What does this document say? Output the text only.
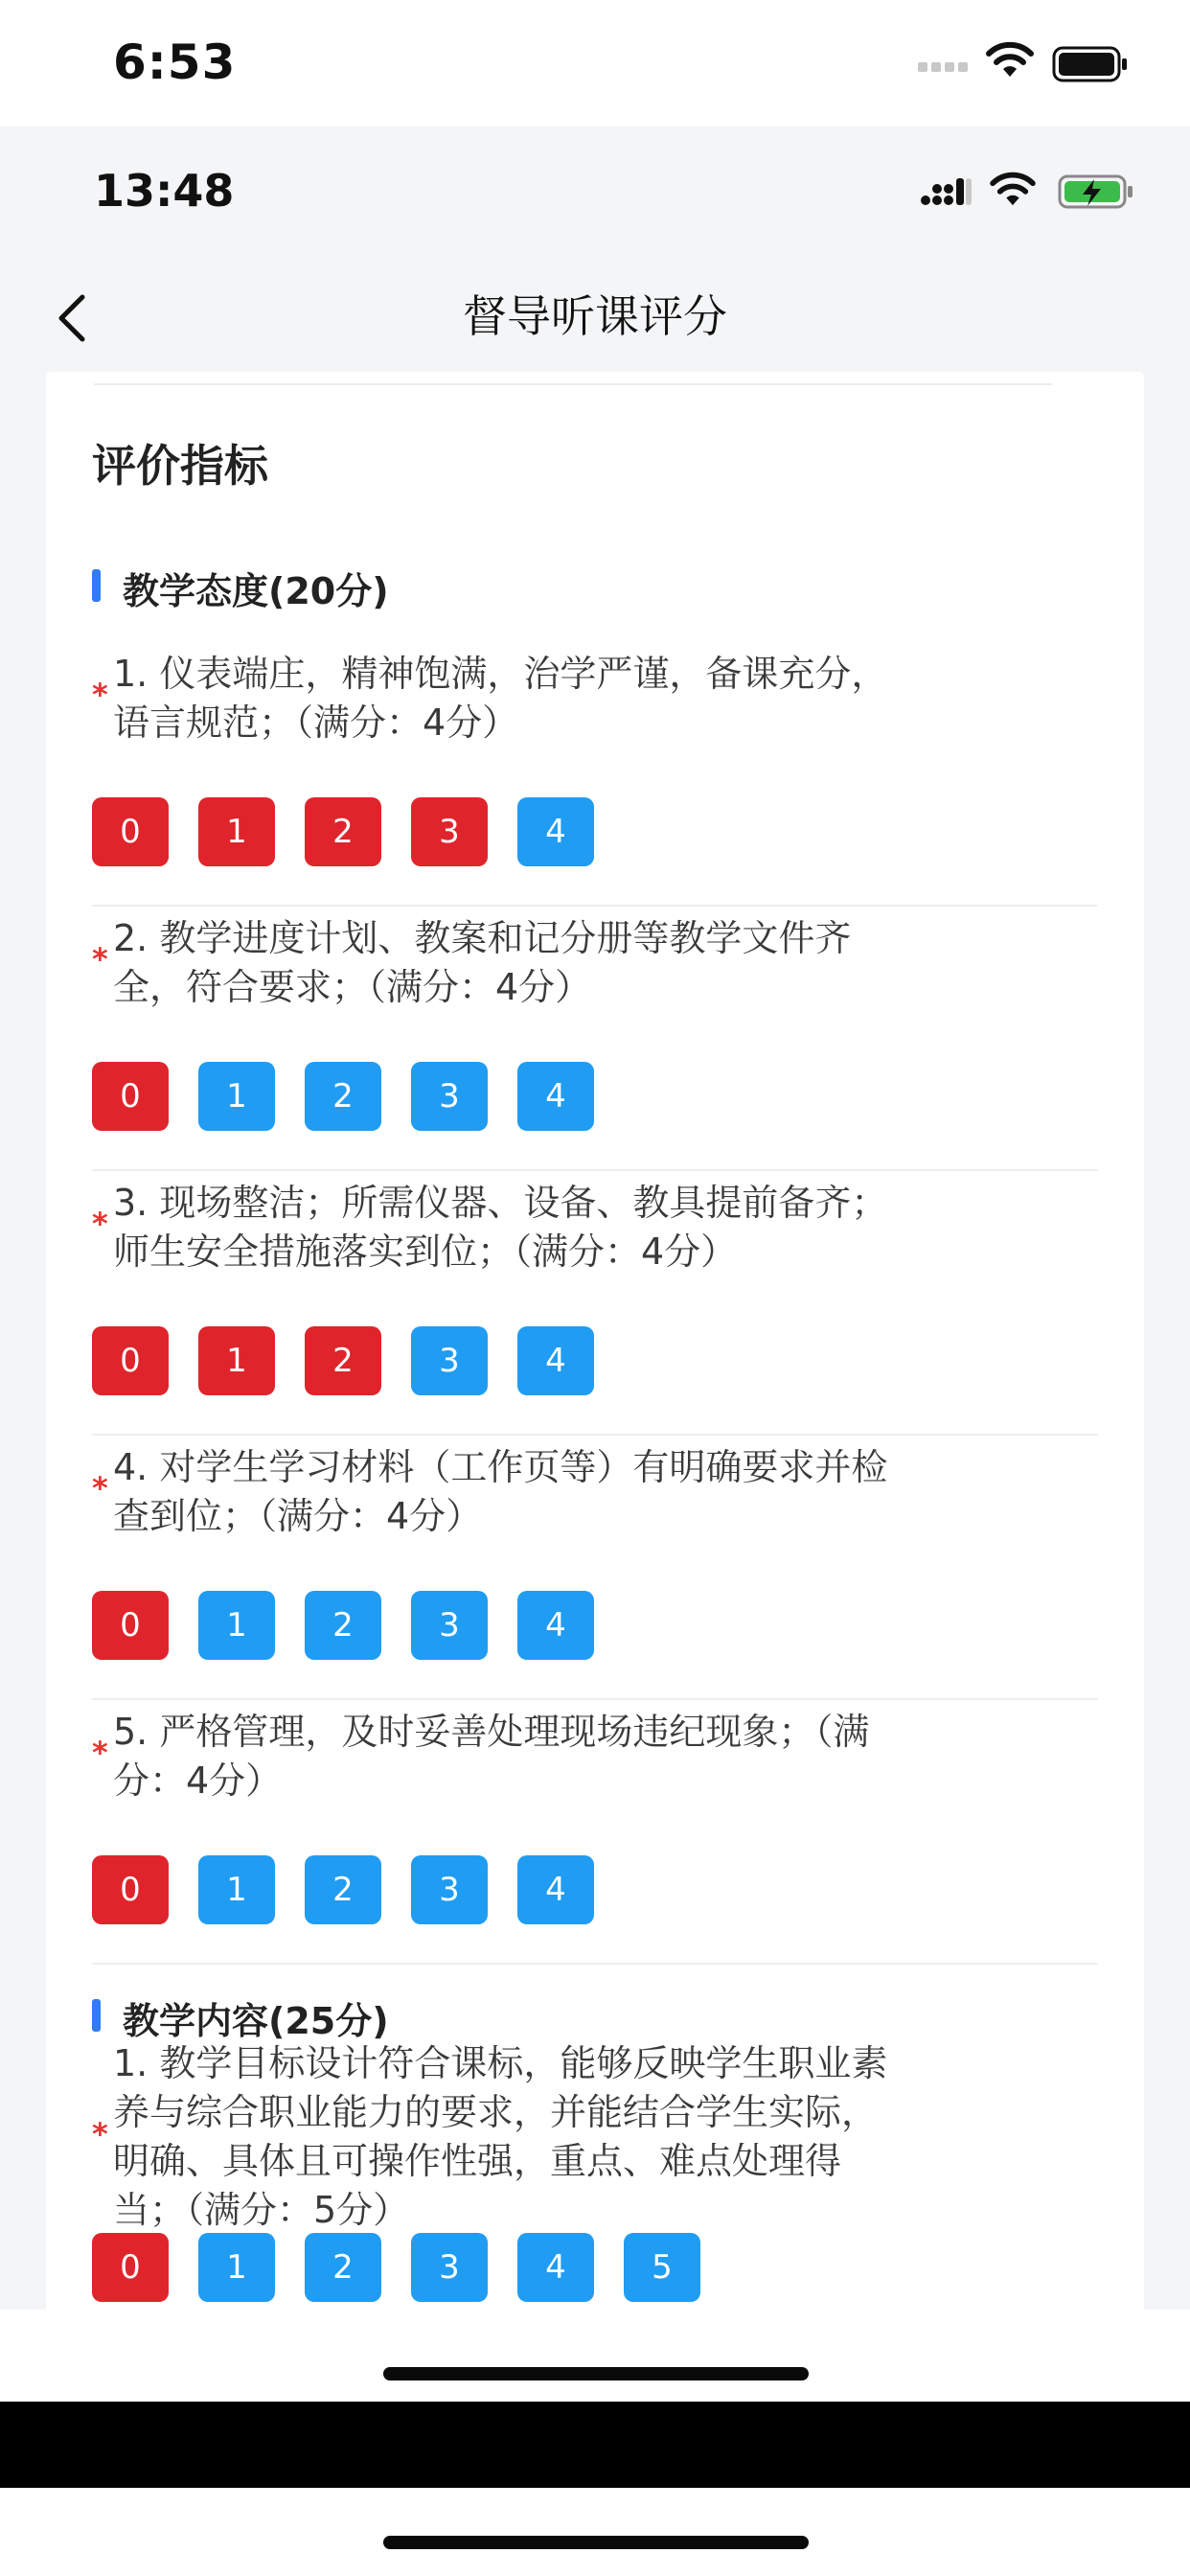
6:53
13:48
督导听课评分
评价指标
教学态度(20分)
* 1. 仪表端庄，精神饱满，治学严谨，备课充分，
语言规范；（满分：4分）
0	1	2	3	4
* 2. 教学进度计划、教案和记分册等教学文件齐
全，符合要求；（满分：4分）
0	1	2	3	4
* 3. 现场整洁；所需仪器、设备、教具提前备齐；
师生安全措施落实到位；（满分：4分）
0	1	2	3	4
* 4. 对学生学习材料（工作页等）有明确要求并检
查到位；（满分：4分）
0	1	2	3	4
* 5. 严格管理，及时妥善处理现场违纪现象；（满
分：4分）
0	1	2	3	4
教学内容(25分)
*
1. 教学目标设计符合课标，能够反映学生职业素
养与综合职业能力的要求，并能结合学生实际，
明确、具体且可操作性强，重点、难点处理得
当；（满分：5分）
0	1	2	3	4	5
